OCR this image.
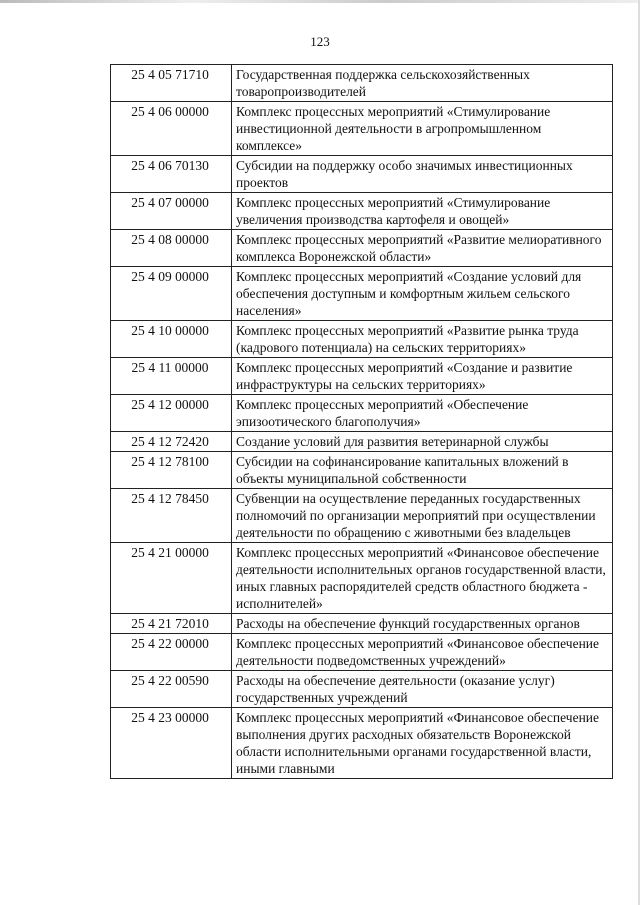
123
25 4 05 71710	Государственная поддержка сельскохозяйственных товаропроизводителей
25 4 06 00000	Комплекс процессных мероприятий «Стимулирование инвестиционной деятельности в агропромышленном комплексе»
25 4 06 70130	Субсидии на поддержку особо значимых инвестиционных проектов
25 4 07 00000	Комплекс процессных мероприятий «Стимулирование увеличения производства картофеля и овощей»
25 4 08 00000	Комплекс процессных мероприятий «Развитие мелиоративного комплекса Воронежской области»
25 4 09 00000	Комплекс процессных мероприятий «Создание условий для обеспечения доступным и комфортным жильем сельского населения»
25 4 10 00000	Комплекс процессных мероприятий «Развитие рынка труда (кадрового потенциала) на сельских территориях»
25 4 11 00000	Комплекс процессных мероприятий «Создание и развитие инфраструктуры на сельских территориях»
25 4 12 00000	Комплекс процессных мероприятий «Обеспечение эпизоотического благополучия»
25 4 12 72420	Создание условий для развития ветеринарной службы
25 4 12 78100	Субсидии на софинансирование капитальных вложений в объекты муниципальной собственности
25 4 12 78450	Субвенции на осуществление переданных государственных полномочий по организации мероприятий при осуществлении деятельности по обращению с животными без владельцев
25 4 21 00000	Комплекс процессных мероприятий «Финансовое обеспечение деятельности исполнительных органов государственной власти, иных главных распорядителей средств областного бюджета - исполнителей»
25 4 21 72010	Расходы на обеспечение функций государственных органов
25 4 22 00000	Комплекс процессных мероприятий «Финансовое обеспечение деятельности подведомственных учреждений»
25 4 22 00590	Расходы на обеспечение деятельности (оказание услуг) государственных учреждений
25 4 23 00000	Комплекс процессных мероприятий «Финансовое обеспечение выполнения других расходных обязательств Воронежской области исполнительными органами государственной власти, иными главными
